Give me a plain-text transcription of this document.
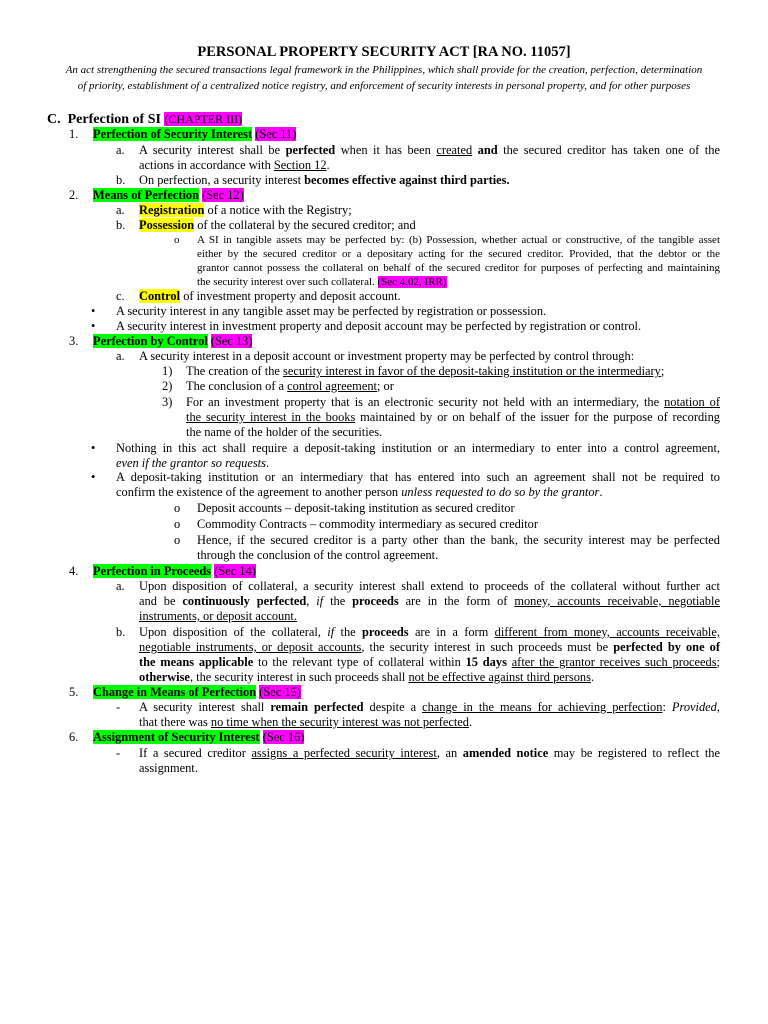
PERSONAL PROPERTY SECURITY ACT [RA NO. 11057]
An act strengthening the secured transactions legal framework in the Philippines, which shall provide for the creation, perfection, determination
of priority, establishment of a centralized notice registry, and enforcement of security interests in personal property, and for other purposes
C. Perfection of SI (CHAPTER III)
1. Perfection of Security Interest (Sec 11)
a. A security interest shall be perfected when it has been created and the secured creditor has taken one of the
actions in accordance with Section 12.
b. On perfection, a security interest becomes effective against third parties.
2. Means of Perfection (Sec 12)
a. Registration of a notice with the Registry;
b. Possession of the collateral by the secured creditor; and
o A SI in tangible assets may be perfected by: (b) Possession, whether actual or constructive, of the tangible asset
either by the secured creditor or a depositary acting for the secured creditor. Provided, that the debtor or the
grantor cannot possess the collateral on behalf of the secured creditor for purposes of perfecting and maintaining
the security interest over such collateral. (Sec 4.02, IRR)
c. Control of investment property and deposit account.
• A security interest in any tangible asset may be perfected by registration or possession.
• A security interest in investment property and deposit account may be perfected by registration or control.
3. Perfection by Control (Sec 13)
a. A security interest in a deposit account or investment property may be perfected by control through:
1) The creation of the security interest in favor of the deposit-taking institution or the intermediary;
2) The conclusion of a control agreement; or
3) For an investment property that is an electronic security not held with an intermediary, the notation of
the security interest in the books maintained by or on behalf of the issuer for the purpose of recording
the name of the holder of the securities.
• Nothing in this act shall require a deposit-taking institution or an intermediary to enter into a control agreement,
even if the grantor so requests.
• A deposit-taking institution or an intermediary that has entered into such an agreement shall not be required to
confirm the existence of the agreement to another person unless requested to do so by the grantor.
o Deposit accounts – deposit-taking institution as secured creditor
o Commodity Contracts – commodity intermediary as secured creditor
o Hence, if the secured creditor is a party other than the bank, the security interest may be perfected
through the conclusion of the control agreement.
4. Perfection in Proceeds (Sec 14)
a. Upon disposition of collateral, a security interest shall extend to proceeds of the collateral without further act
and be continuously perfected, if the proceeds are in the form of money, accounts receivable, negotiable
instruments, or deposit account.
b. Upon disposition of the collateral, if the proceeds are in a form different from money, accounts receivable,
negotiable instruments, or deposit accounts, the security interest in such proceeds must be perfected by one of
the means applicable to the relevant type of collateral within 15 days after the grantor receives such proceeds;
otherwise, the security interest in such proceeds shall not be effective against third persons.
5. Change in Means of Perfection (Sec 15)
- A security interest shall remain perfected despite a change in the means for achieving perfection: Provided,
that there was no time when the security interest was not perfected.
6. Assignment of Security Interest (Sec 16)
- If a secured creditor assigns a perfected security interest, an amended notice may be registered to reflect the
assignment.
